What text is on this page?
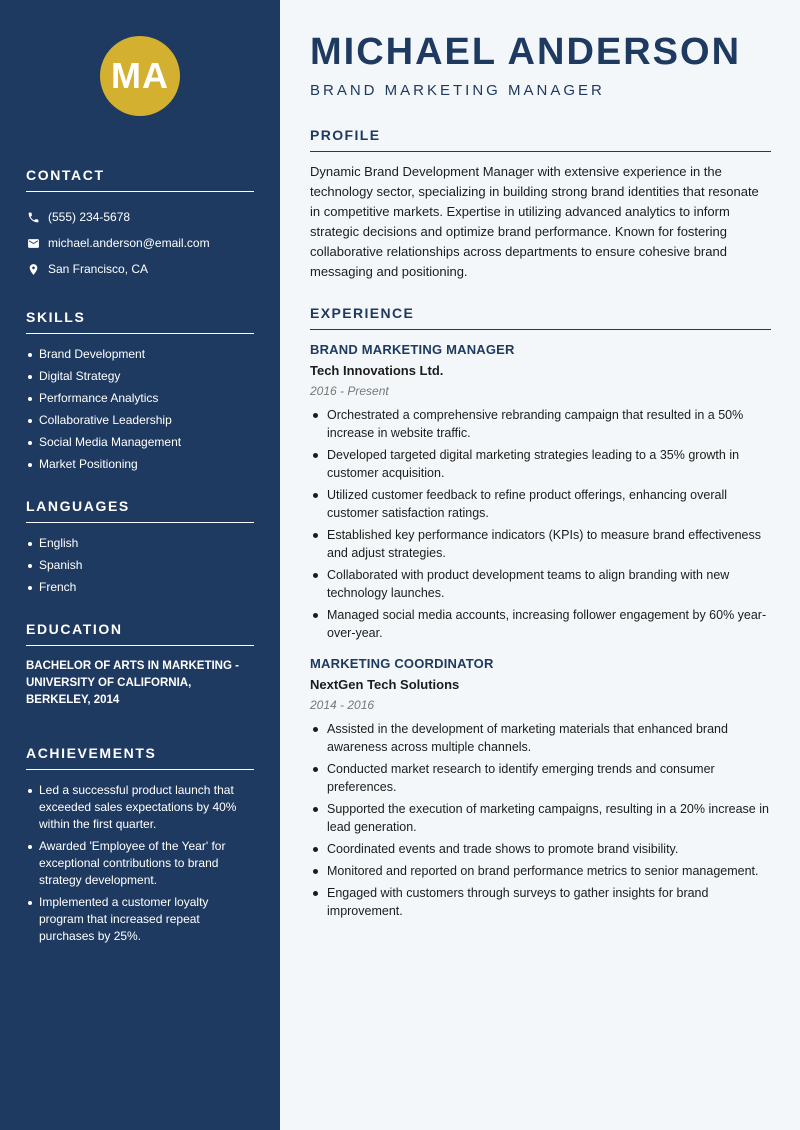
MA
CONTACT
(555) 234-5678
michael.anderson@email.com
San Francisco, CA
SKILLS
Brand Development
Digital Strategy
Performance Analytics
Collaborative Leadership
Social Media Management
Market Positioning
LANGUAGES
English
Spanish
French
EDUCATION
BACHELOR OF ARTS IN MARKETING - UNIVERSITY OF CALIFORNIA, BERKELEY, 2014
ACHIEVEMENTS
Led a successful product launch that exceeded sales expectations by 40% within the first quarter.
Awarded 'Employee of the Year' for exceptional contributions to brand strategy development.
Implemented a customer loyalty program that increased repeat purchases by 25%.
MICHAEL ANDERSON
BRAND MARKETING MANAGER
PROFILE

Dynamic Brand Development Manager with extensive experience in the technology sector, specializing in building strong brand identities that resonate in competitive markets. Expertise in utilizing advanced analytics to inform strategic decisions and optimize brand performance. Known for fostering collaborative relationships across departments to ensure cohesive brand messaging and positioning.

EXPERIENCE
BRAND MARKETING MANAGER
Tech Innovations Ltd.
2016 - Present
Orchestrated a comprehensive rebranding campaign that resulted in a 50% increase in website traffic.
Developed targeted digital marketing strategies leading to a 35% growth in customer acquisition.
Utilized customer feedback to refine product offerings, enhancing overall customer satisfaction ratings.
Established key performance indicators (KPIs) to measure brand effectiveness and adjust strategies.
Collaborated with product development teams to align branding with new technology launches.
Managed social media accounts, increasing follower engagement by 60% year-over-year.
MARKETING COORDINATOR
NextGen Tech Solutions
2014 - 2016
Assisted in the development of marketing materials that enhanced brand awareness across multiple channels.
Conducted market research to identify emerging trends and consumer preferences.
Supported the execution of marketing campaigns, resulting in a 20% increase in lead generation.
Coordinated events and trade shows to promote brand visibility.
Monitored and reported on brand performance metrics to senior management.
Engaged with customers through surveys to gather insights for brand improvement.
